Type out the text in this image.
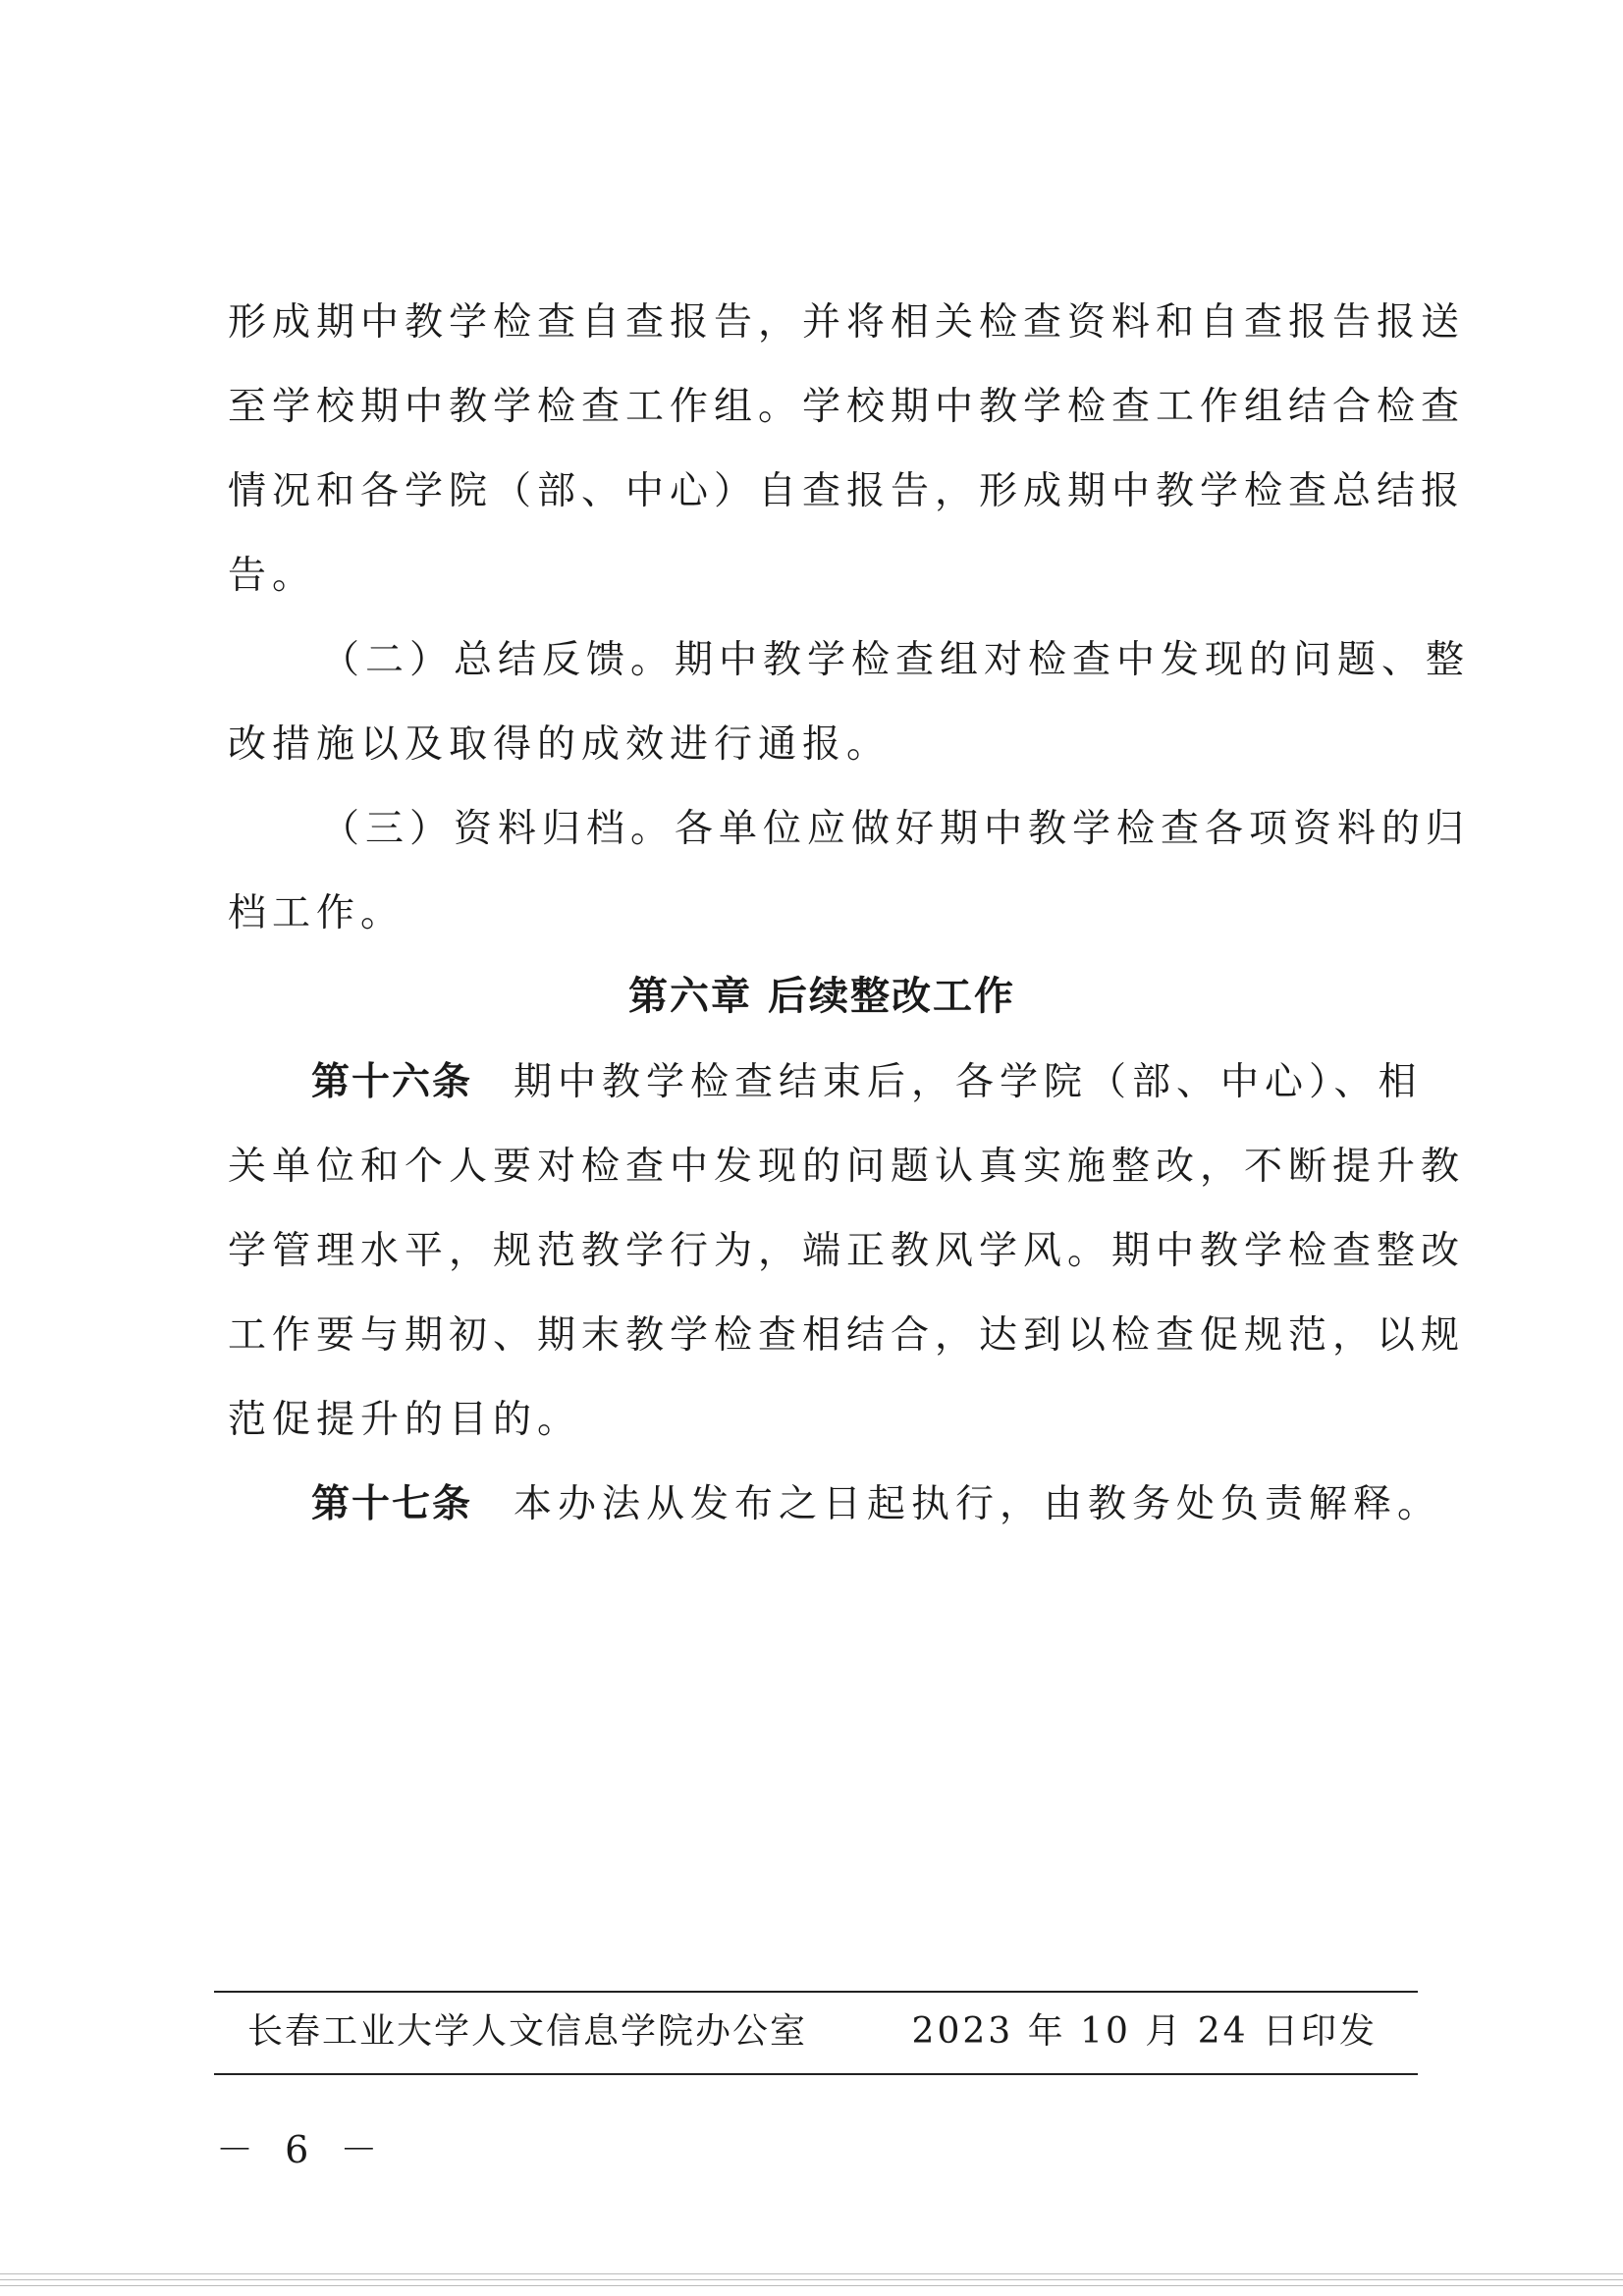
形成期中教学检查自查报告，并将相关检查资料和自查报告报送
至学校期中教学检查工作组。学校期中教学检查工作组结合检查
情况和各学院（部、中心）自查报告，形成期中教学检查总结报
告。
（二）总结反馈。期中教学检查组对检查中发现的问题、整
改措施以及取得的成效进行通报。
（三）资料归档。各单位应做好期中教学检查各项资料的归
档工作。
第六章 后续整改工作
第十六条 期中教学检查结束后，各学院（部、中心）、相
关单位和个人要对检查中发现的问题认真实施整改，不断提升教
学管理水平，规范教学行为，端正教风学风。期中教学检查整改
工作要与期初、期末教学检查相结合，达到以检查促规范，以规
范促提升的目的。
第十七条 本办法从发布之日起执行，由教务处负责解释。
长春工业大学人文信息学院办公室	2023 年 10 月 24 日印发
－ 6 －
